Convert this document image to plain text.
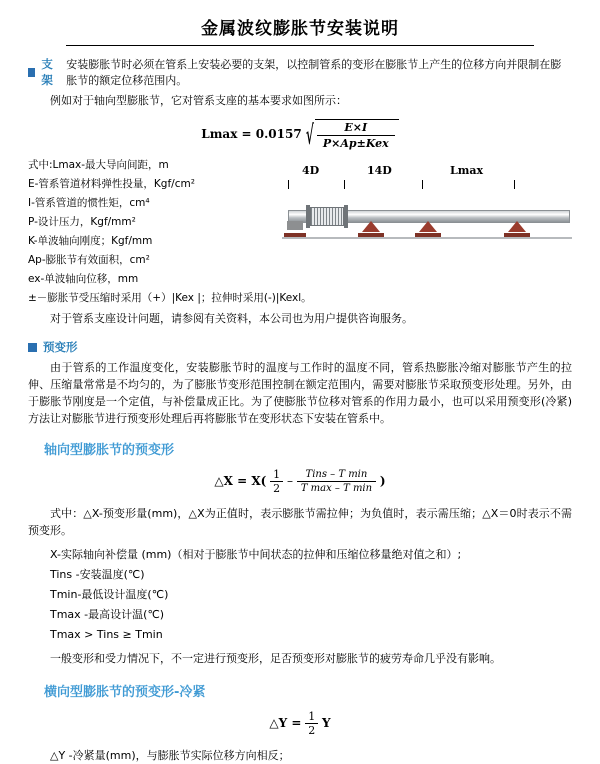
金属波纹膨胀节安装说明
支架
安装膨胀节时必须在管系上安装必要的支架，以控制管系的变形在膨胀节上产生的位移方向并限制在膨胀节的额定位移范围内。

例如对于轴向型膨胀节，它对管系支座的基本要求如图所示：

Lmax = 0.0157 √ $\frac{E\times I}{\text{P×Ap±Kex}}$
式中:Lmax-最大导向间距，m
E-管系管道材料弹性投量，Kgf/cm²
I-管系管道的惯性矩，cm⁴
P-设计压力，Kgf/mm²
K-单波轴向刚度；Kgf/mm
Ap-膨胀节有效面积，cm²
ex-单波轴向位移，mm
±－膨胀节受压缩时采用（+）|Kex |；拉伸时采用(-)|Kexl。
4D	14D	Lmax

对于管系支座设计问题，请参阅有关资料，本公司也为用户提供咨询服务。

预变形

由于管系的工作温度变化，安装膨胀节时的温度与工作时的温度不同，管系热膨胀冷缩对膨胀节产生的拉伸、压缩量常常是不均匀的，为了膨胀节变形范围控制在额定范围内，需要对膨胀节采取预变形处理。另外，由于膨胀节刚度是一个定值，与补偿量成正比。为了使膨胀节位移对管系的作用力最小，也可以采用预变形(冷紧)方法让对膨胀节进行预变形处理后再将膨胀节在变形状态下安装在管系中。

轴向型膨胀节的预变形
△X = $X( \frac{1}{2} - \frac{\text{Tins – T min}}{\text{T max – T min}}$ )

式中：△X-预变形量(mm)，△X为正值时，表示膨胀节需拉伸；为负值时，表示需压缩；△X＝0时表示不需预变形。

X-实际轴向补偿量 (mm)（相对于膨胀节中间状态的拉伸和压缩位移量绝对值之和）;
Tins -安装温度(℃)
Tmin-最低设计温度(℃)
Tmax -最高设计温(℃)
Tmax > Tins ≥ Tmin

一般变形和受力情况下，不一定进行预变形，足否预变形对膨胀节的疲劳寿命几乎没有影响。

横向型膨胀节的预变形-冷紧
△Y = $\frac{1}{2}$ Y

△Y -冷紧量(mm)，与膨胀节实际位移方向相反；
